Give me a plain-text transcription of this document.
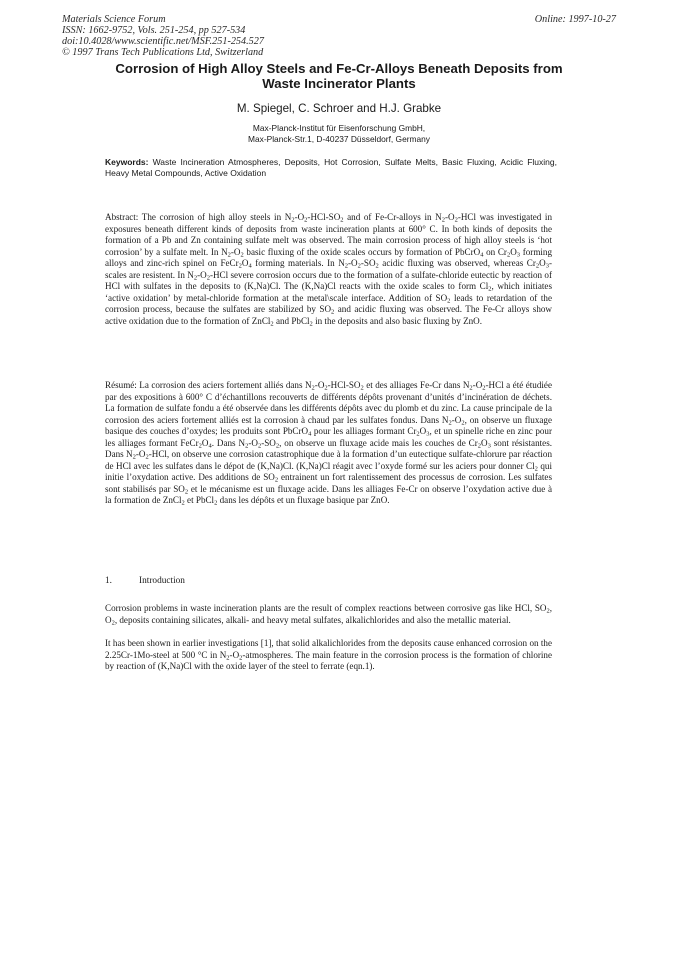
Materials Science Forum
ISSN: 1662-9752, Vols. 251-254, pp 527-534
doi:10.4028/www.scientific.net/MSF.251-254.527
© 1997 Trans Tech Publications Ltd, Switzerland
Online: 1997-10-27
Corrosion of High Alloy Steels and Fe-Cr-Alloys Beneath Deposits from
Waste Incinerator Plants
M. Spiegel, C. Schroer and H.J. Grabke
Max-Planck-Institut für Eisenforschung GmbH,
Max-Planck-Str.1, D-40237 Düsseldorf, Germany
Keywords: Waste Incineration Atmospheres, Deposits, Hot Corrosion, Sulfate Melts, Basic Fluxing, Acidic Fluxing, Heavy Metal Compounds, Active Oxidation

Abstract: The corrosion of high alloy steels in $N_2-O_2-HCl-SO_2$ and of Fe-Cr-alloys in $N_2-O_2$-HCl was investigated in exposures beneath different kinds of deposits from waste incineration plants at 600° C. In both kinds of deposits the formation of a Pb and Zn containing sulfate melt was observed. The main corrosion process of high alloy steels is ‘hot corrosion’ by a sulfate melt. In $N_2-O_2$ basic fluxing of the oxide scales occurs by formation of PbCrO$_4$ on $Cr_2O_3$ forming alloys and zinc-rich spinel on $FeCr_2O_4$ forming materials. In $N_2-O_2-SO_2$ acidic fluxing was observed, whereas $Cr_2O_3$-scales are resistent. In $N_2-O_2$-HCl severe corrosion occurs due to the formation of a sulfate-chloride eutectic by reaction of HCl with sulfates in the deposits to (K,Na)Cl. The (K,Na)Cl reacts with the oxide scales to form $Cl_2$, which initiates ‘active oxidation’ by metal-chloride formation at the metal\scale interface. Addition of $SO_2$ leads to retardation of the corrosion process, because the sulfates are stabilized by $SO_2$ and acidic fluxing was observed. The Fe-Cr alloys show active oxidation due to the formation of ZnCl$_2$ and PbCl$_2$ in the deposits and also basic fluxing by ZnO.

Résumé: La corrosion des aciers fortement alliés dans $N_2-O_2-HCl-SO_2$ et des alliages Fe-Cr dans $N_2-O_2$-HCl a été étudiée par des expositions à 600° C d’échantillons recouverts de différents dépôts provenant d’unités d’incinération de déchets. La formation de sulfate fondu a été observée dans les différents dépôts avec du plomb et du zinc. La cause principale de la corrosion des aciers fortement alliés est la corrosion à chaud par les sulfates fondus. Dans $N_2-O_2$, on observe un fluxage basique des couches d’oxydes; les produits sont PbCrO$_4$ pour les alliages formant $Cr_2O_3$, et un spinelle riche en zinc pour les alliages formant $FeCr_2O_4$. Dans $N_2-O_2-SO_2$, on observe un fluxage acide mais les couches de $Cr_2O_3$ sont résistantes. Dans $N_2-O_2$-HCl, on observe une corrosion catastrophique due à la formation d’un eutectique sulfate-chlorure par réaction de HCl avec les sulfates dans le dépot de (K,Na)Cl. (K,Na)Cl réagit avec l’oxyde formé sur les aciers pour donner $Cl_2$ qui initie l’oxydation active. Des additions de $SO_2$ entrainent un fort ralentissement des processus de corrosion. Les sulfates sont stabilisés par $SO_2$ et le mécanisme est un fluxage acide. Dans les alliages Fe-Cr on observe l’oxydation active due à la formation de ZnCl$_2$ et PbCl$_2$ dans les dépôts et un fluxage basique par ZnO.

1.	Introduction

Corrosion problems in waste incineration plants are the result of complex reactions between corrosive gas like HCl, $SO_2$, $O_2$, deposits containing silicates, alkali- and heavy metal sulfates, alkalichlorides and also the metallic material.

It has been shown in earlier investigations [1], that solid alkalichlorides from the deposits cause enhanced corrosion on the 2.25Cr-1Mo-steel at 500 °C in $N_2-O_2$-atmospheres. The main feature in the corrosion process is the formation of chlorine by reaction of (K,Na)Cl with the oxide layer of the steel to ferrate (eqn.1).
